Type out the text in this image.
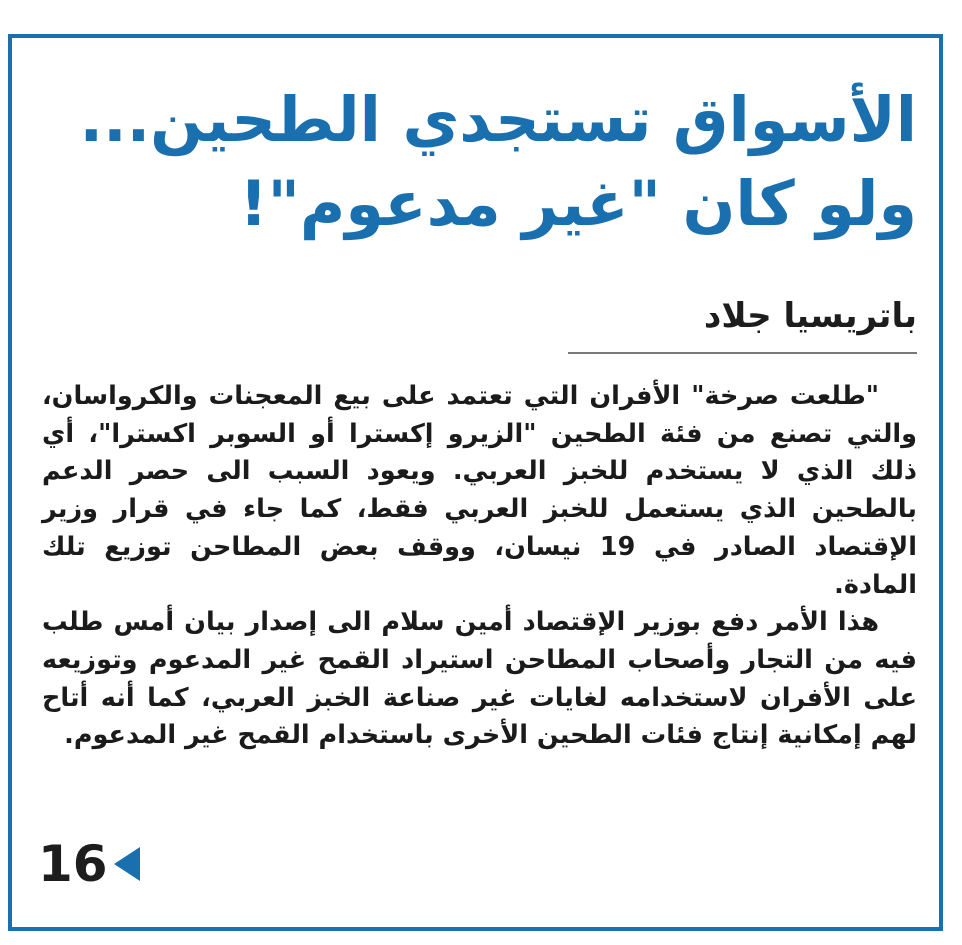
الأسواق تستجدي الطحين...
ولو كان "غير مدعوم"!
باتريسيا جلاد

"طلعت صرخة" الأفران التي تعتمد على بيع المعجنات والكرواسان، والتي تصنع من فئة الطحين "الزيرو إكسترا أو السوبر اكسترا"، أي ذلك الذي لا يستخدم للخبز العربي. ويعود السبب الى حصر الدعم بالطحين الذي يستعمل للخبز العربي فقط، كما جاء في قرار وزير الإقتصاد الصادر في 19 نيسان، ووقف بعض المطاحن توزيع تلك المادة.

هذا الأمر دفع بوزير الإقتصاد أمين سلام الى إصدار بيان أمس طلب فيه من التجار وأصحاب المطاحن استيراد القمح غير المدعوم وتوزيعه على الأفران لاستخدامه لغايات غير صناعة الخبز العربي، كما أنه أتاح لهم إمكانية إنتاج فئات الطحين الأخرى باستخدام القمح غير المدعوم.

16
